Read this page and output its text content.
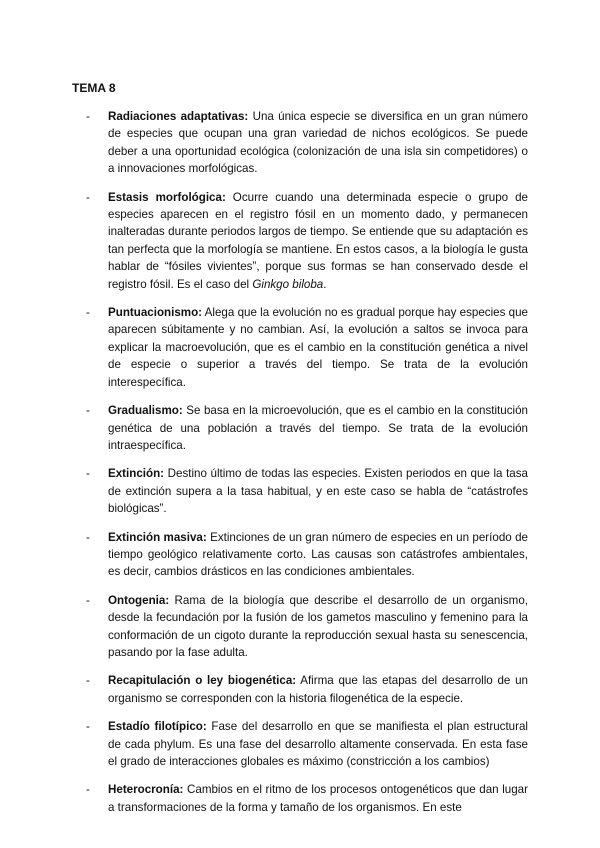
TEMA 8
- Radiaciones adaptativas: Una única especie se diversifica en un gran número de especies que ocupan una gran variedad de nichos ecológicos. Se puede deber a una oportunidad ecológica (colonización de una isla sin competidores) o a innovaciones morfológicas.
- Estasis morfológica: Ocurre cuando una determinada especie o grupo de especies aparecen en el registro fósil en un momento dado, y permanecen inalteradas durante periodos largos de tiempo. Se entiende que su adaptación es tan perfecta que la morfología se mantiene. En estos casos, a la biología le gusta hablar de “fósiles vivientes”, porque sus formas se han conservado desde el registro fósil. Es el caso del Ginkgo biloba.
- Puntuacionismo: Alega que la evolución no es gradual porque hay especies que aparecen súbitamente y no cambian. Así, la evolución a saltos se invoca para explicar la macroevolución, que es el cambio en la constitución genética a nivel de especie o superior a través del tiempo. Se trata de la evolución interespecífica.
- Gradualismo: Se basa en la microevolución, que es el cambio en la constitución genética de una población a través del tiempo. Se trata de la evolución intraespecífica.
- Extinción: Destino último de todas las especies. Existen periodos en que la tasa de extinción supera a la tasa habitual, y en este caso se habla de “catástrofes biológicas”.
- Extinción masiva: Extinciones de un gran número de especies en un período de tiempo geológico relativamente corto. Las causas son catástrofes ambientales, es decir, cambios drásticos en las condiciones ambientales.
- Ontogenia: Rama de la biología que describe el desarrollo de un organismo, desde la fecundación por la fusión de los gametos masculino y femenino para la conformación de un cigoto durante la reproducción sexual hasta su senescencia, pasando por la fase adulta.
- Recapitulación o ley biogenética: Afirma que las etapas del desarrollo de un organismo se corresponden con la historia filogenética de la especie.
- Estadío filotípico: Fase del desarrollo en que se manifiesta el plan estructural de cada phylum. Es una fase del desarrollo altamente conservada. En esta fase el grado de interacciones globales es máximo (constricción a los cambios)
- Heterocronía: Cambios en el ritmo de los procesos ontogenéticos que dan lugar a transformaciones de la forma y tamaño de los organismos. En este
